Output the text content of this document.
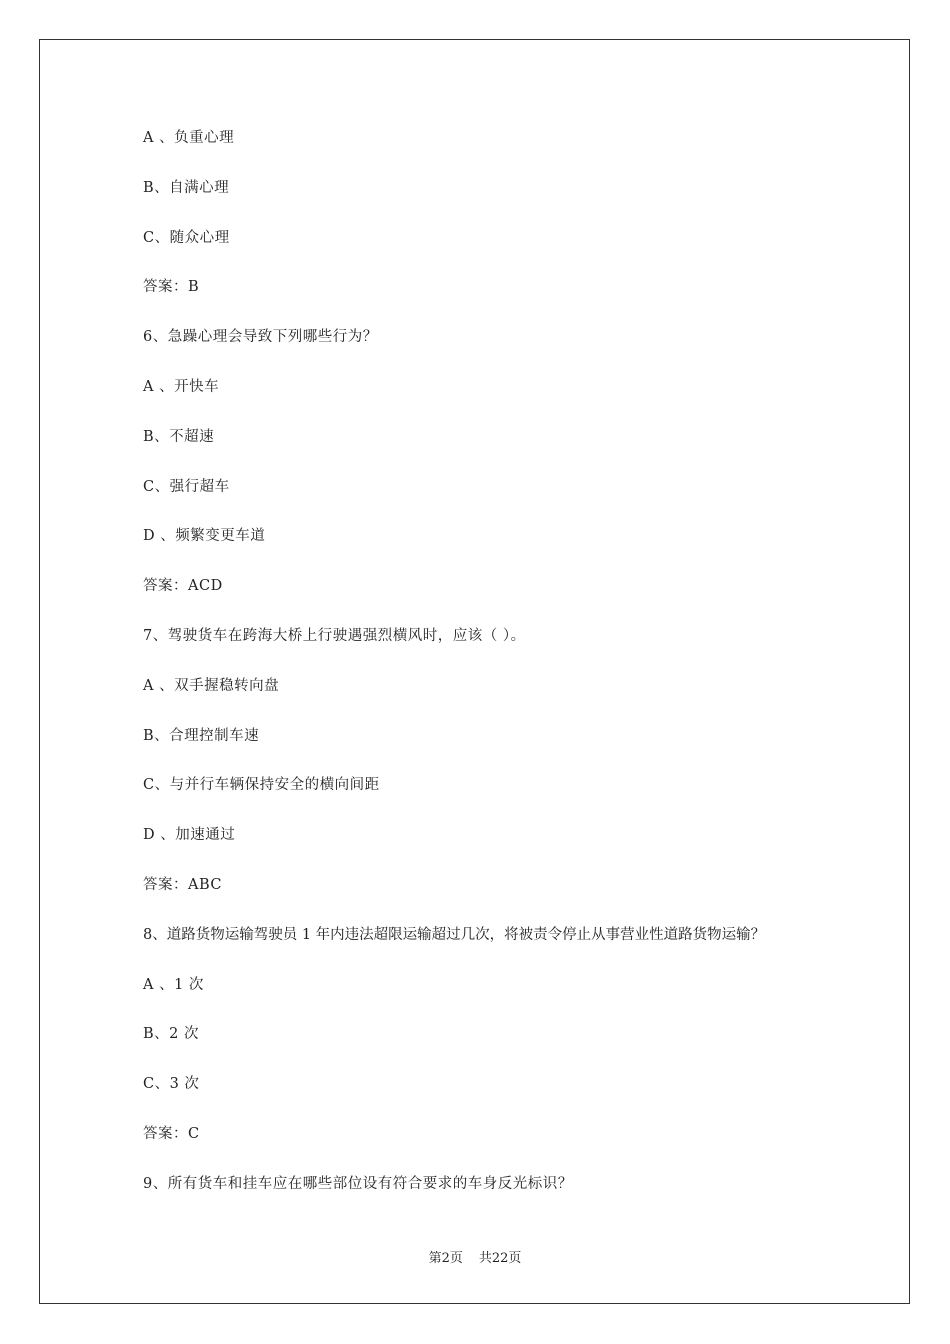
A 、负重心理
B、自满心理
C、随众心理
答案：B
6、急躁心理会导致下列哪些行为？
A 、开快车
B、不超速
C、强行超车
D 、频繁变更车道
答案：ACD
7、驾驶货车在跨海大桥上行驶遇强烈横风时，应该（ ）。
A 、双手握稳转向盘
B、合理控制车速
C、与并行车辆保持安全的横向间距
D 、加速通过
答案：ABC
8、道路货物运输驾驶员 1 年内违法超限运输超过几次，将被责令停止从事营业性道路货物运输？
A 、1 次
B、2 次
C、3 次
答案：C
9、所有货车和挂车应在哪些部位设有符合要求的车身反光标识？
第2页 共22页
